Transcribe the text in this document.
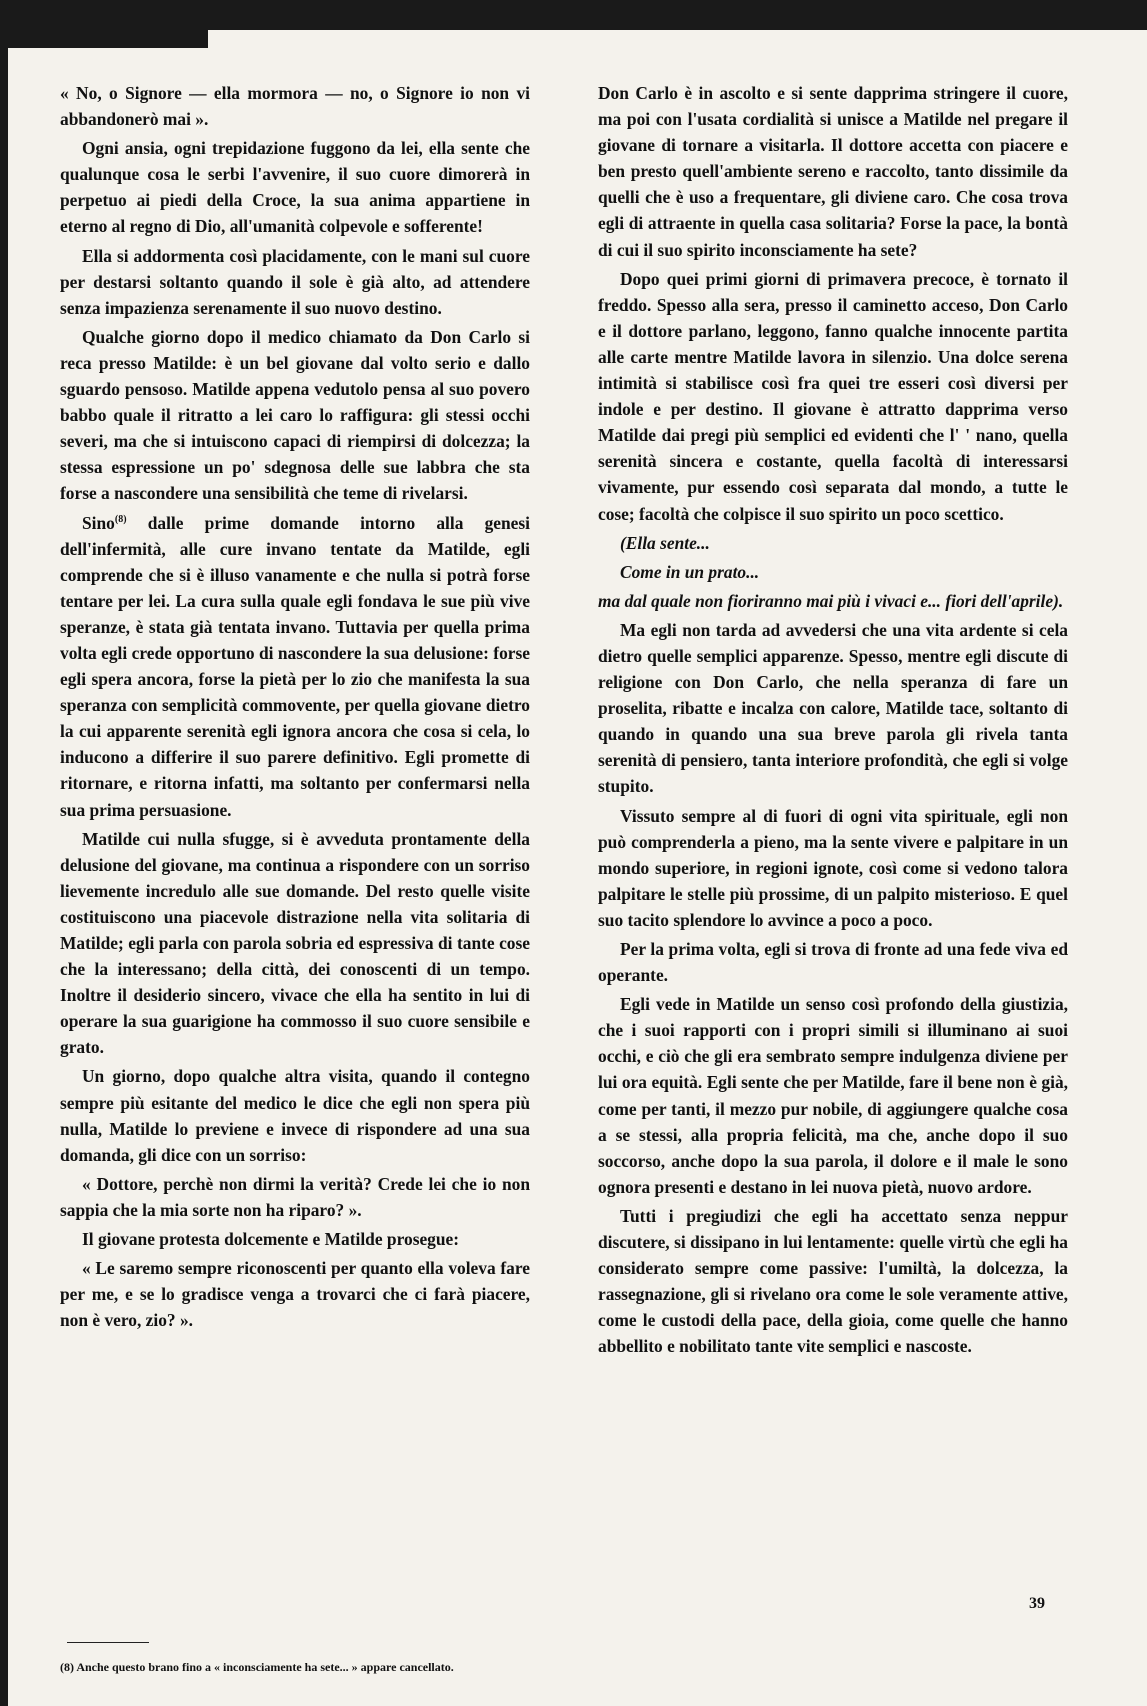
« No, o Signore — ella mormora — no, o Signore io non vi abbandonerò mai ».

Ogni ansia, ogni trepidazione fuggono da lei, ella sente che qualunque cosa le serbi l'avvenire, il suo cuore dimorerà in perpetuo ai piedi della Croce, la sua anima appartiene in eterno al regno di Dio, all'umanità colpevole e sofferente!

Ella si addormenta così placidamente, con le mani sul cuore per destarsi soltanto quando il sole è già alto, ad attendere senza impazienza serenamente il suo nuovo destino.

Qualche giorno dopo il medico chiamato da Don Carlo si reca presso Matilde: è un bel giovane dal volto serio e dallo sguardo pensoso. Matilde appena vedutolo pensa al suo povero babbo quale il ritratto a lei caro lo raffigura: gli stessi occhi severi, ma che si intuiscono capaci di riempirsi di dolcezza; la stessa espressione un po' sdegnosa delle sue labbra che sta forse a nascondere una sensibilità che teme di rivelarsi.

Sino$^{(8)}$ dalle prime domande intorno alla genesi dell'infermità, alle cure invano tentate da Matilde, egli comprende che si è illuso vanamente e che nulla si potrà forse tentare per lei. La cura sulla quale egli fondava le sue più vive speranze, è stata già tentata invano. Tuttavia per quella prima volta egli crede opportuno di nascondere la sua delusione: forse egli spera ancora, forse la pietà per lo zio che manifesta la sua speranza con semplicità commovente, per quella giovane dietro la cui apparente serenità egli ignora ancora che cosa si cela, lo inducono a differire il suo parere definitivo. Egli promette di ritornare, e ritorna infatti, ma soltanto per confermarsi nella sua prima persuasione.

Matilde cui nulla sfugge, si è avveduta prontamente della delusione del giovane, ma continua a rispondere con un sorriso lievemente incredulo alle sue domande. Del resto quelle visite costituiscono una piacevole distrazione nella vita solitaria di Matilde; egli parla con parola sobria ed espressiva di tante cose che la interessano; della città, dei conoscenti di un tempo. Inoltre il desiderio sincero, vivace che ella ha sentito in lui di operare la sua guarigione ha commosso il suo cuore sensibile e grato.

Un giorno, dopo qualche altra visita, quando il contegno sempre più esitante del medico le dice che egli non spera più nulla, Matilde lo previene e invece di rispondere ad una sua domanda, gli dice con un sorriso:

« Dottore, perchè non dirmi la verità? Crede lei che io non sappia che la mia sorte non ha riparo? ».

Il giovane protesta dolcemente e Matilde prosegue:

« Le saremo sempre riconoscenti per quanto ella voleva fare per me, e se lo gradisce venga a trovarci che ci farà piacere, non è vero, zio? ».

Don Carlo è in ascolto e si sente dapprima stringere il cuore, ma poi con l'usata cordialità si unisce a Matilde nel pregare il giovane di tornare a visitarla. Il dottore accetta con piacere e ben presto quell'ambiente sereno e raccolto, tanto dissimile da quelli che è uso a frequentare, gli diviene caro. Che cosa trova egli di attraente in quella casa solitaria? Forse la pace, la bontà di cui il suo spirito inconsciamente ha sete?

Dopo quei primi giorni di primavera precoce, è tornato il freddo. Spesso alla sera, presso il caminetto acceso, Don Carlo e il dottore parlano, leggono, fanno qualche innocente partita alle carte mentre Matilde lavora in silenzio. Una dolce serena intimità si stabilisce così fra quei tre esseri così diversi per indole e per destino. Il giovane è attratto dapprima verso Matilde dai pregi più semplici ed evidenti che l' ' nano, quella serenità sincera e costante, quella facoltà di interessarsi vivamente, pur essendo così separata dal mondo, a tutte le cose; facoltà che colpisce il suo spirito un poco scettico.

(Ella sente...

Come in un prato...

ma dal quale non fioriranno mai più i vivaci e... fiori dell'aprile).

Ma egli non tarda ad avvedersi che una vita ardente si cela dietro quelle semplici apparenze. Spesso, mentre egli discute di religione con Don Carlo, che nella speranza di fare un proselita, ribatte e incalza con calore, Matilde tace, soltanto di quando in quando una sua breve parola gli rivela tanta serenità di pensiero, tanta interiore profondità, che egli si volge stupito.

Vissuto sempre al di fuori di ogni vita spirituale, egli non può comprenderla a pieno, ma la sente vivere e palpitare in un mondo superiore, in regioni ignote, così come si vedono talora palpitare le stelle più prossime, di un palpito misterioso. E quel suo tacito splendore lo avvince a poco a poco.

Per la prima volta, egli si trova di fronte ad una fede viva ed operante.

Egli vede in Matilde un senso così profondo della giustizia, che i suoi rapporti con i propri simili si illuminano ai suoi occhi, e ciò che gli era sembrato sempre indulgenza diviene per lui ora equità. Egli sente che per Matilde, fare il bene non è già, come per tanti, il mezzo pur nobile, di aggiungere qualche cosa a se stessi, alla propria felicità, ma che, anche dopo il suo soccorso, anche dopo la sua parola, il dolore e il male le sono ognora presenti e destano in lei nuova pietà, nuovo ardore.

Tutti i pregiudizi che egli ha accettato senza neppur discutere, si dissipano in lui lentamente: quelle virtù che egli ha considerato sempre come passive: l'umiltà, la dolcezza, la rassegnazione, gli si rivelano ora come le sole veramente attive, come le custodi della pace, della gioia, come quelle che hanno abbellito e nobilitato tante vite semplici e nascoste.

(8) Anche questo brano fino a « inconsciamente ha sete... » appare cancellato.
39
